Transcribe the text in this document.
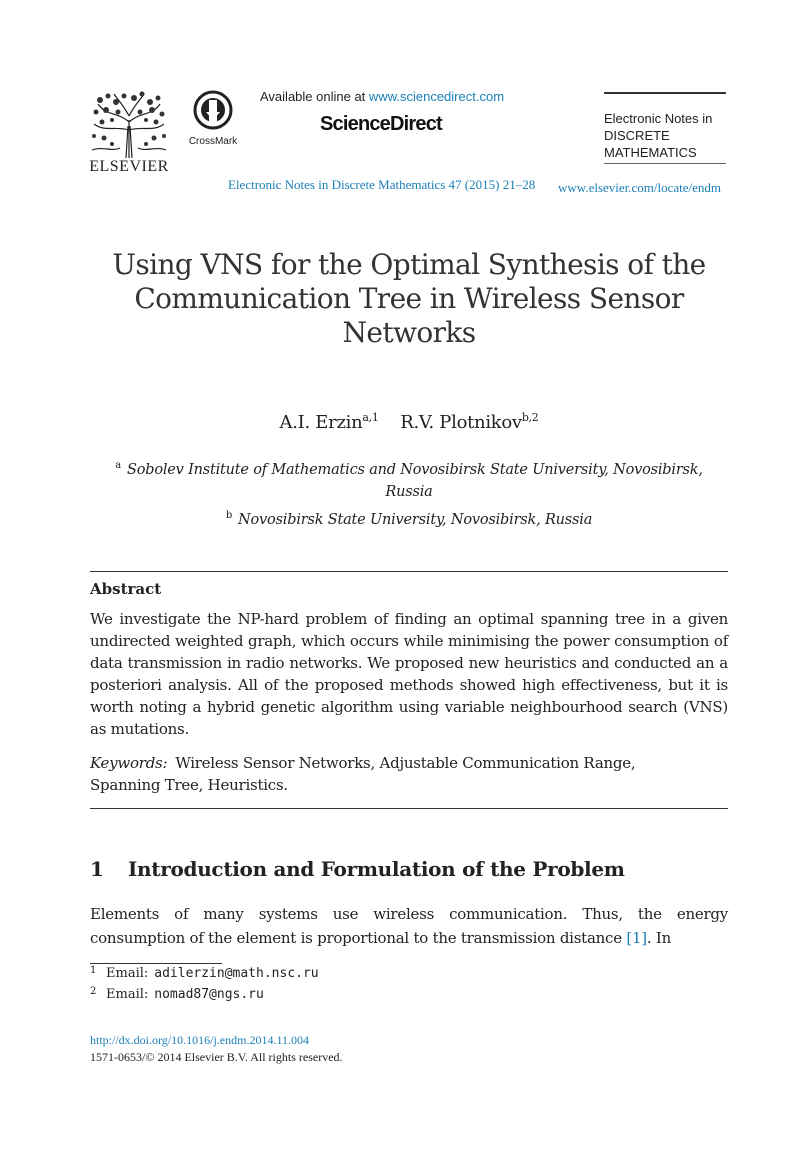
ELSEVIER
CrossMark
Available online at www.sciencedirect.com
ScienceDirect	Electronic Notes in
DISCRETE
MATHEMATICS
Electronic Notes in Discrete Mathematics 47 (2015) 21–28 www.elsevier.com/locate/endm
Using VNS for the Optimal Synthesis of the
Communication Tree in Wireless Sensor
Networks
A.I. Erzin$^{a,1}$ R.V. Plotnikov$^{b,2}$
$^a$ Sobolev Institute of Mathematics and Novosibirsk State University, Novosibirsk,
Russia
$^b$ Novosibirsk State University, Novosibirsk, Russia
Abstract
We investigate the NP-hard problem of finding an optimal spanning tree in a given undirected weighted graph, which occurs while minimising the power consumption of data transmission in radio networks. We proposed new heuristics and conducted an a posteriori analysis. All of the proposed methods showed high effectiveness, but it is worth noting a hybrid genetic algorithm using variable neighbourhood search (VNS) as mutations.
Keywords: Wireless Sensor Networks, Adjustable Communication Range,
Spanning Tree, Heuristics.
1 Introduction and Formulation of the Problem
Elements of many systems use wireless communication. Thus, the energy consumption of the element is proportional to the transmission distance [1]. In
1 Email: adilerzin@math.nsc.ru
2 Email: nomad87@ngs.ru
http://dx.doi.org/10.1016/j.endm.2014.11.004
1571-0653/© 2014 Elsevier B.V. All rights reserved.
